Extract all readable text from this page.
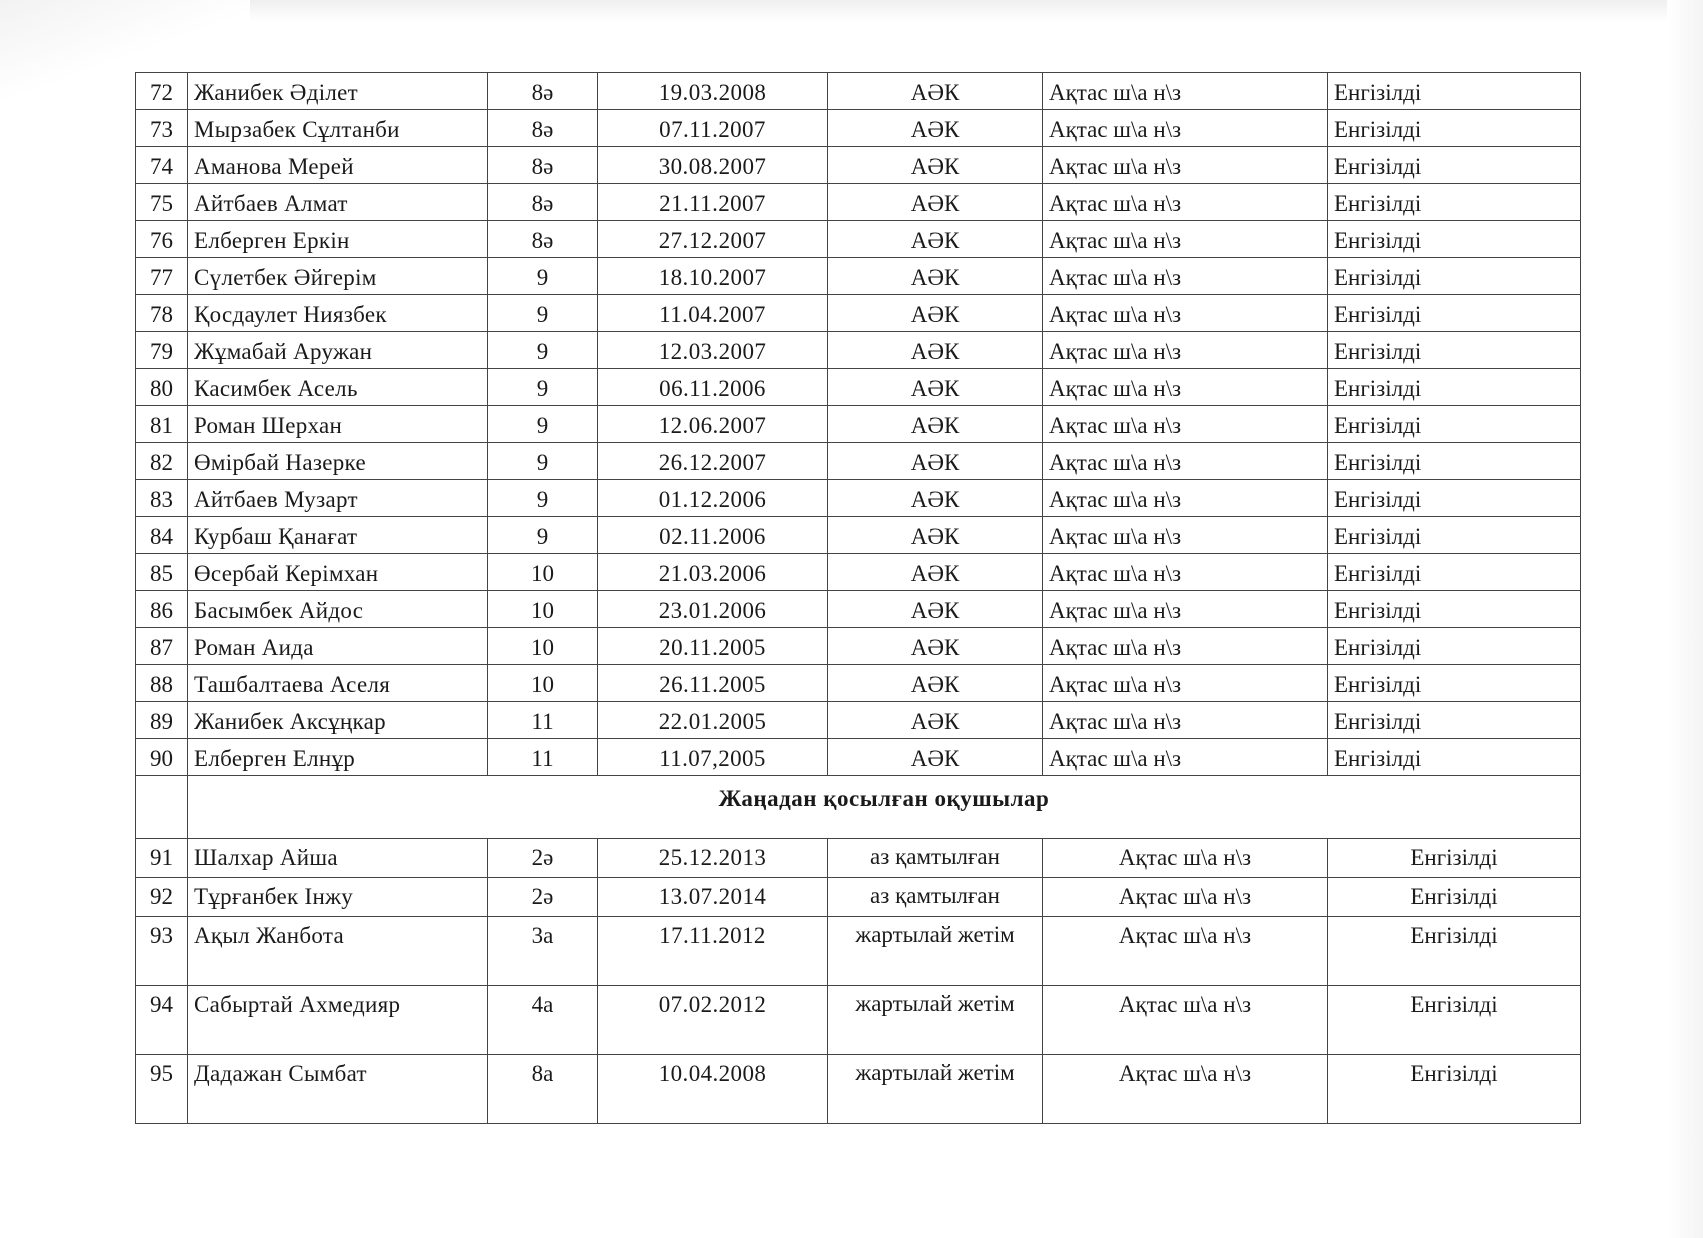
72	Жанибек Әділет	8ә	19.03.2008	АӘК	Ақтас ш\а н\з	Енгізілді
73	Мырзабек Сұлтанби	8ә	07.11.2007	АӘК	Ақтас ш\а н\з	Енгізілді
74	Аманова Мерей	8ә	30.08.2007	АӘК	Ақтас ш\а н\з	Енгізілді
75	Айтбаев Алмат	8ә	21.11.2007	АӘК	Ақтас ш\а н\з	Енгізілді
76	Елберген Еркін	8ә	27.12.2007	АӘК	Ақтас ш\а н\з	Енгізілді
77	Сүлетбек Әйгерім	9	18.10.2007	АӘК	Ақтас ш\а н\з	Енгізілді
78	Қосдаулет Ниязбек	9	11.04.2007	АӘК	Ақтас ш\а н\з	Енгізілді
79	Жұмабай Аружан	9	12.03.2007	АӘК	Ақтас ш\а н\з	Енгізілді
80	Касимбек Асель	9	06.11.2006	АӘК	Ақтас ш\а н\з	Енгізілді
81	Роман Шерхан	9	12.06.2007	АӘК	Ақтас ш\а н\з	Енгізілді
82	Өмірбай Назерке	9	26.12.2007	АӘК	Ақтас ш\а н\з	Енгізілді
83	Айтбаев Музарт	9	01.12.2006	АӘК	Ақтас ш\а н\з	Енгізілді
84	Курбаш Қанағат	9	02.11.2006	АӘК	Ақтас ш\а н\з	Енгізілді
85	Өсербай Керімхан	10	21.03.2006	АӘК	Ақтас ш\а н\з	Енгізілді
86	Басымбек Айдос	10	23.01.2006	АӘК	Ақтас ш\а н\з	Енгізілді
87	Роман Аида	10	20.11.2005	АӘК	Ақтас ш\а н\з	Енгізілді
88	Ташбалтаева Аселя	10	26.11.2005	АӘК	Ақтас ш\а н\з	Енгізілді
89	Жанибек Аксұңкар	11	22.01.2005	АӘК	Ақтас ш\а н\з	Енгізілді
90	Елберген Елнұр	11	11.07,2005	АӘК	Ақтас ш\а н\з	Енгізілді
	Жаңадан қосылған оқушылар					
91	Шалхар Айша	2ә	25.12.2013	аз қамтылған	Ақтас ш\а н\з	Енгізілді
92	Тұрғанбек Інжу	2ә	13.07.2014	аз қамтылған	Ақтас ш\а н\з	Енгізілді
93	Ақыл Жанбота	3а	17.11.2012	жартылай жетім	Ақтас ш\а н\з	Енгізілді
94	Сабыртай Ахмедияр	4а	07.02.2012	жартылай жетім	Ақтас ш\а н\з	Енгізілді
95	Дадажан Сымбат	8а	10.04.2008	жартылай жетім	Ақтас ш\а н\з	Енгізілді
